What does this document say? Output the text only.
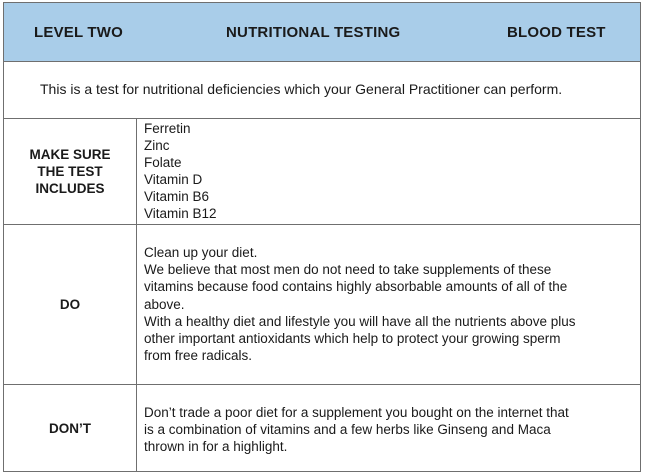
LEVEL TWO	NUTRITIONAL TESTING	BLOOD TEST

This is a test for nutritional deficiencies which your General Practitioner can perform.

MAKE SURE
THE TEST
INCLUDES
Ferretin
Zinc
Folate
Vitamin D
Vitamin B6
Vitamin B12
DO
Clean up your diet.
We believe that most men do not need to take supplements of these
vitamins because food contains highly absorbable amounts of all of the
above.
With a healthy diet and lifestyle you will have all the nutrients above plus
other important antioxidants which help to protect your growing sperm
from free radicals.
DON’T
Don’t trade a poor diet for a supplement you bought on the internet that
is a combination of vitamins and a few herbs like Ginseng and Maca
thrown in for a highlight.
